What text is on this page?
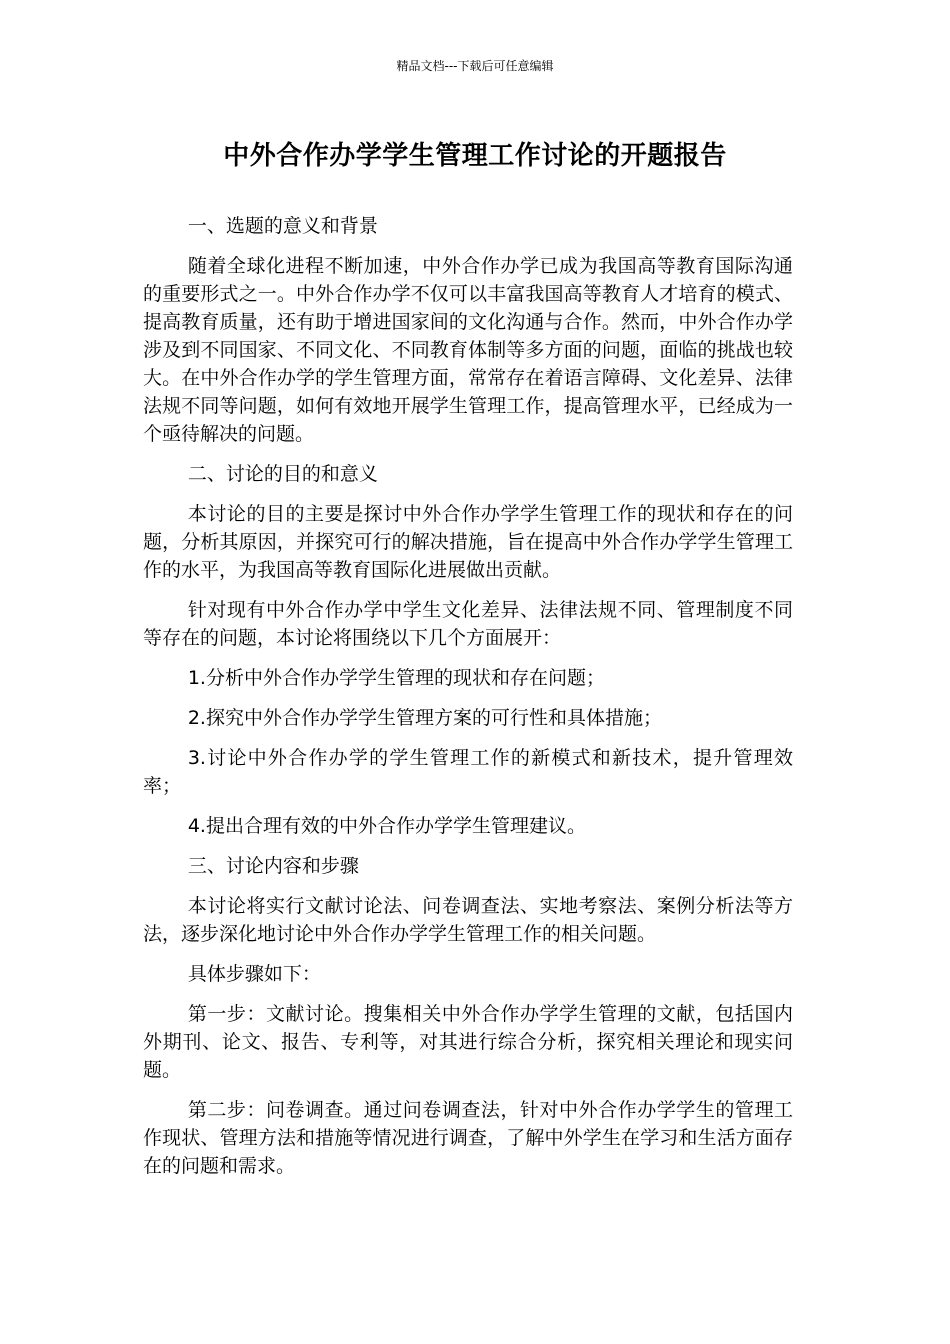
精品文档---下载后可任意编辑
中外合作办学学生管理工作讨论的开题报告

一、选题的意义和背景

随着全球化进程不断加速，中外合作办学已成为我国高等教育国际沟通的重要形式之一。中外合作办学不仅可以丰富我国高等教育人才培育的模式、提高教育质量，还有助于增进国家间的文化沟通与合作。然而，中外合作办学涉及到不同国家、不同文化、不同教育体制等多方面的问题，面临的挑战也较大。在中外合作办学的学生管理方面，常常存在着语言障碍、文化差异、法律法规不同等问题，如何有效地开展学生管理工作，提高管理水平，已经成为一个亟待解决的问题。

二、讨论的目的和意义

本讨论的目的主要是探讨中外合作办学学生管理工作的现状和存在的问题，分析其原因，并探究可行的解决措施，旨在提高中外合作办学学生管理工作的水平，为我国高等教育国际化进展做出贡献。

针对现有中外合作办学中学生文化差异、法律法规不同、管理制度不同等存在的问题，本讨论将围绕以下几个方面展开：

1.分析中外合作办学学生管理的现状和存在问题；

2.探究中外合作办学学生管理方案的可行性和具体措施；

3.讨论中外合作办学的学生管理工作的新模式和新技术，提升管理效率；

4.提出合理有效的中外合作办学学生管理建议。

三、讨论内容和步骤

本讨论将实行文献讨论法、问卷调查法、实地考察法、案例分析法等方法，逐步深化地讨论中外合作办学学生管理工作的相关问题。

具体步骤如下：

第一步：文献讨论。搜集相关中外合作办学学生管理的文献，包括国内外期刊、论文、报告、专利等，对其进行综合分析，探究相关理论和现实问题。

第二步：问卷调查。通过问卷调查法，针对中外合作办学学生的管理工作现状、管理方法和措施等情况进行调查，了解中外学生在学习和生活方面存在的问题和需求。
